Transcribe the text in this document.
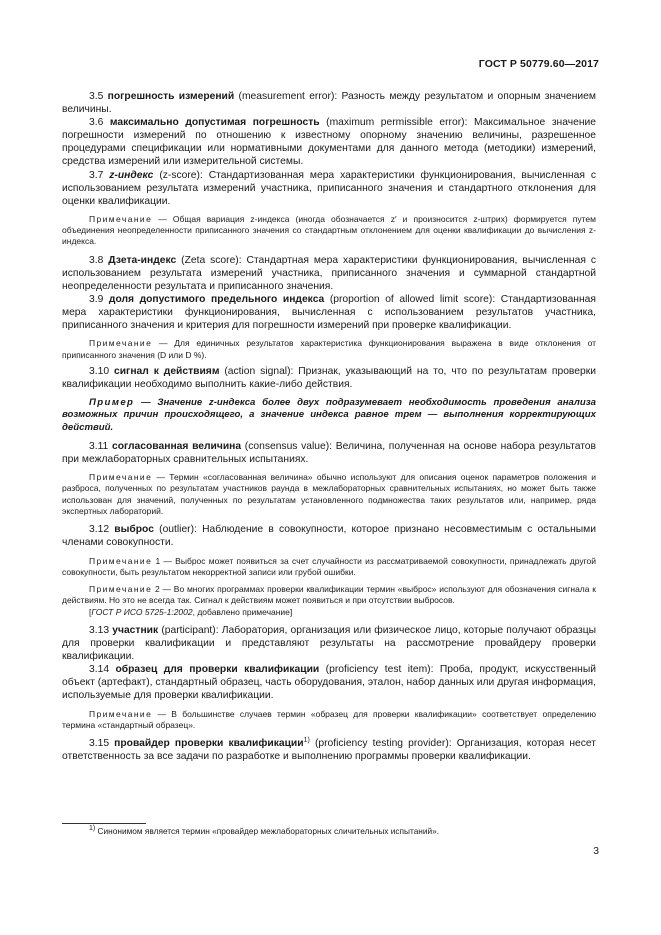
ГОСТ Р 50779.60—2017

3.5 погрешность измерений (measurement error): Разность между результатом и опорным значением величины.

3.6 максимально допустимая погрешность (maximum permissible error): Максимальное значение погрешности измерений по отношению к известному опорному значению величины, разрешенное процедурами спецификации или нормативными документами для данного метода (методики) измерений, средства измерений или измерительной системы.

3.7 z-индекс (z-score): Стандартизованная мера характеристики функционирования, вычисленная с использованием результата измерений участника, приписанного значения и стандартного отклонения для оценки квалификации.

Примечание — Общая вариация z-индекса (иногда обозначается z′ и произносится z-штрих) формируется путем объединения неопределенности приписанного значения со стандартным отклонением для оценки квалификации до вычисления z-индекса.

3.8 Дзета-индекс (Zeta score): Стандартная мера характеристики функционирования, вычисленная с использованием результата измерений участника, приписанного значения и суммарной стандартной неопределенности результата и приписанного значения.

3.9 доля допустимого предельного индекса (proportion of allowed limit score): Стандартизованная мера характеристики функционирования, вычисленная с использованием результатов участника, приписанного значения и критерия для погрешности измерений при проверке квалификации.

Примечание — Для единичных результатов характеристика функционирования выражена в виде отклонения от приписанного значения (D или D %).

3.10 сигнал к действиям (action signal): Признак, указывающий на то, что по результатам проверки квалификации необходимо выполнить какие-либо действия.

Пример — Значение z-индекса более двух подразумевает необходимость проведения анализа возможных причин происходящего, а значение индекса равное трем — выполнения корректирующих действий.

3.11 согласованная величина (consensus value): Величина, полученная на основе набора результатов при межлабораторных сравнительных испытаниях.

Примечание — Термин «согласованная величина» обычно используют для описания оценок параметров положения и разброса, полученных по результатам участников раунда в межлабораторных сравнительных испытаниях, но может быть также использован для значений, полученных по результатам установленного подмножества таких результатов или, например, ряда экспертных лабораторий.

3.12 выброс (outlier): Наблюдение в совокупности, которое признано несовместимым с остальными членами совокупности.

Примечание 1 — Выброс может появиться за счет случайности из рассматриваемой совокупности, принадлежать другой совокупности, быть результатом некорректной записи или грубой ошибки.

Примечание 2 — Во многих программах проверки квалификации термин «выброс» используют для обозначения сигнала к действиям. Но это не всегда так. Сигнал к действиям может появиться и при отсутствии выбросов.

[ГОСТ Р ИСО 5725-1:2002, добавлено примечание]

3.13 участник (participant): Лаборатория, организация или физическое лицо, которые получают образцы для проверки квалификации и представляют результаты на рассмотрение провайдеру проверки квалификации.

3.14 образец для проверки квалификации (proficiency test item): Проба, продукт, искусственный объект (артефакт), стандартный образец, часть оборудования, эталон, набор данных или другая информация, используемые для проверки квалификации.

Примечание — В большинстве случаев термин «образец для проверки квалификации» соответствует определению термина «стандартный образец».

3.15 провайдер проверки квалификации$^{1)}$ (proficiency testing provider): Организация, которая несет ответственность за все задачи по разработке и выполнению программы проверки квалификации.

$^{1)}$ Синонимом является термин «провайдер межлабораторных сличительных испытаний».
3
